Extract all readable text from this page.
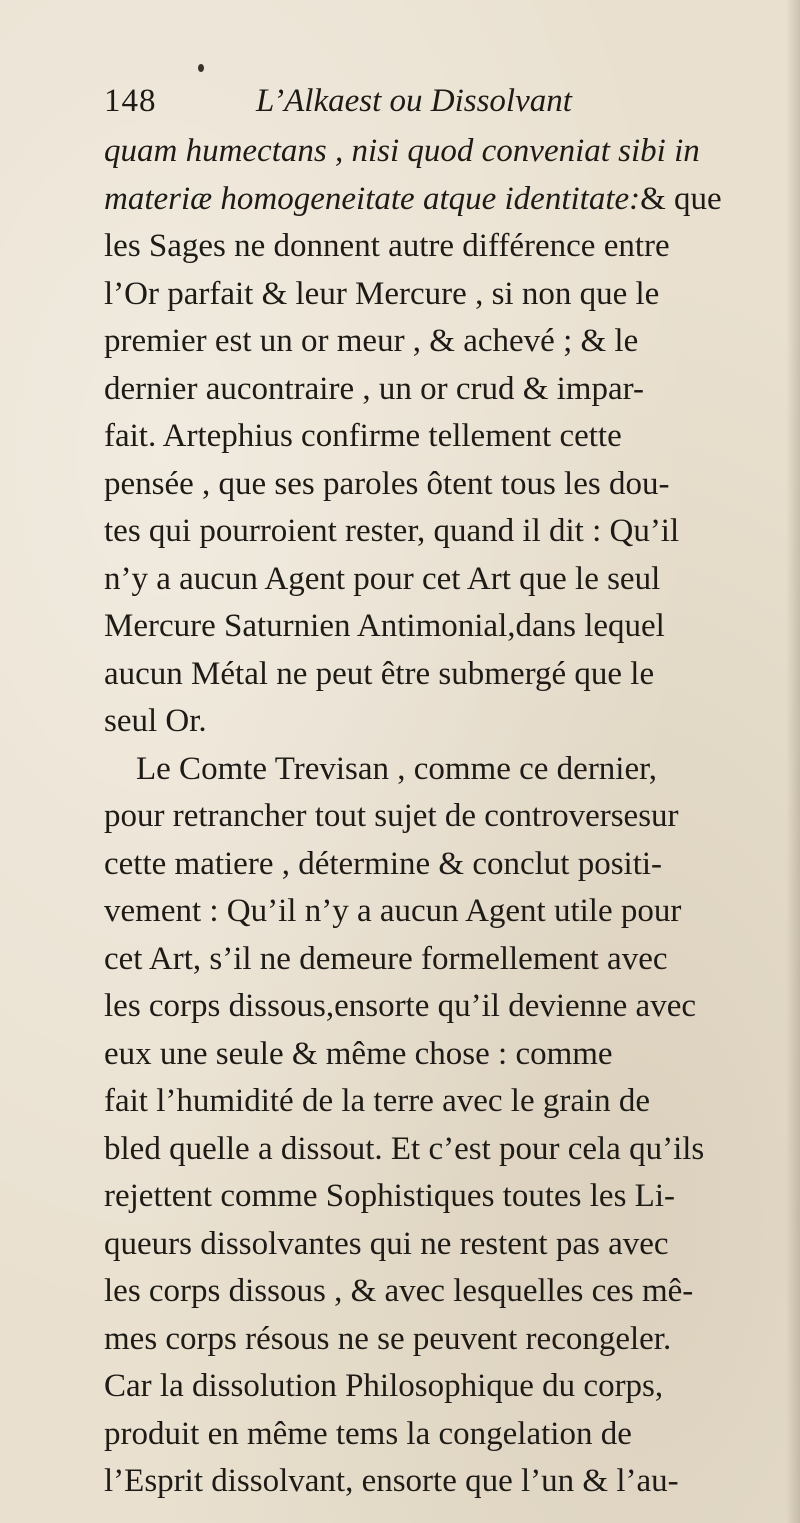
148	L’Alkaest ou Dissolvant
quam humectans , nisi quod conveniat sibi in
materiæ homogeneitate atque identitate:& que
les Sages ne donnent autre différence entre
l’Or parfait & leur Mercure , si non que le
premier est un or meur , & achevé ; & le
dernier aucontraire , un or crud & impar-
fait. Artephius confirme tellement cette
pensée , que ses paroles ôtent tous les dou-
tes qui pourroient rester, quand il dit : Qu’il
n’y a aucun Agent pour cet Art que le seul
Mercure Saturnien Antimonial,dans lequel
aucun Métal ne peut être submergé que le
seul Or.
Le Comte Trevisan , comme ce dernier,
pour retrancher tout sujet de controversesur
cette matiere , détermine & conclut positi-
vement : Qu’il n’y a aucun Agent utile pour
cet Art, s’il ne demeure formellement avec
les corps dissous,ensorte qu’il devienne avec
eux une seule & même chose : comme
fait l’humidité de la terre avec le grain de
bled quelle a dissout. Et c’est pour cela qu’ils
rejettent comme Sophistiques toutes les Li-
queurs dissolvantes qui ne restent pas avec
les corps dissous , & avec lesquelles ces mê-
mes corps résous ne se peuvent recongeler.
Car la dissolution Philosophique du corps,
produit en même tems la congelation de
l’Esprit dissolvant, ensorte que l’un & l’au-
